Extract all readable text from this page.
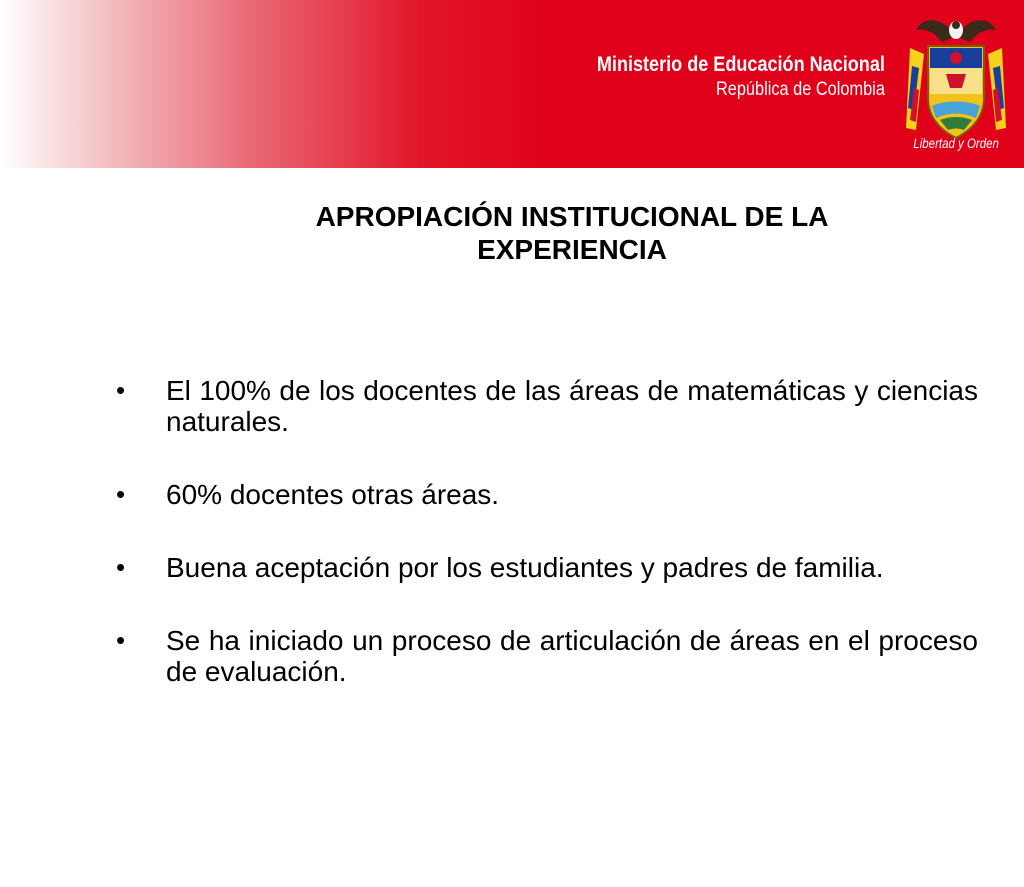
Ministerio de Educación Nacional
República de Colombia
Libertad y Orden
APROPIACIÓN INSTITUCIONAL DE LA EXPERIENCIA
• El 100% de los docentes de las áreas de matemáticas y ciencias naturales.
• 60% docentes otras áreas.
• Buena aceptación por los estudiantes y padres de familia.
• Se ha iniciado un proceso de articulación de áreas en el proceso de evaluación.
